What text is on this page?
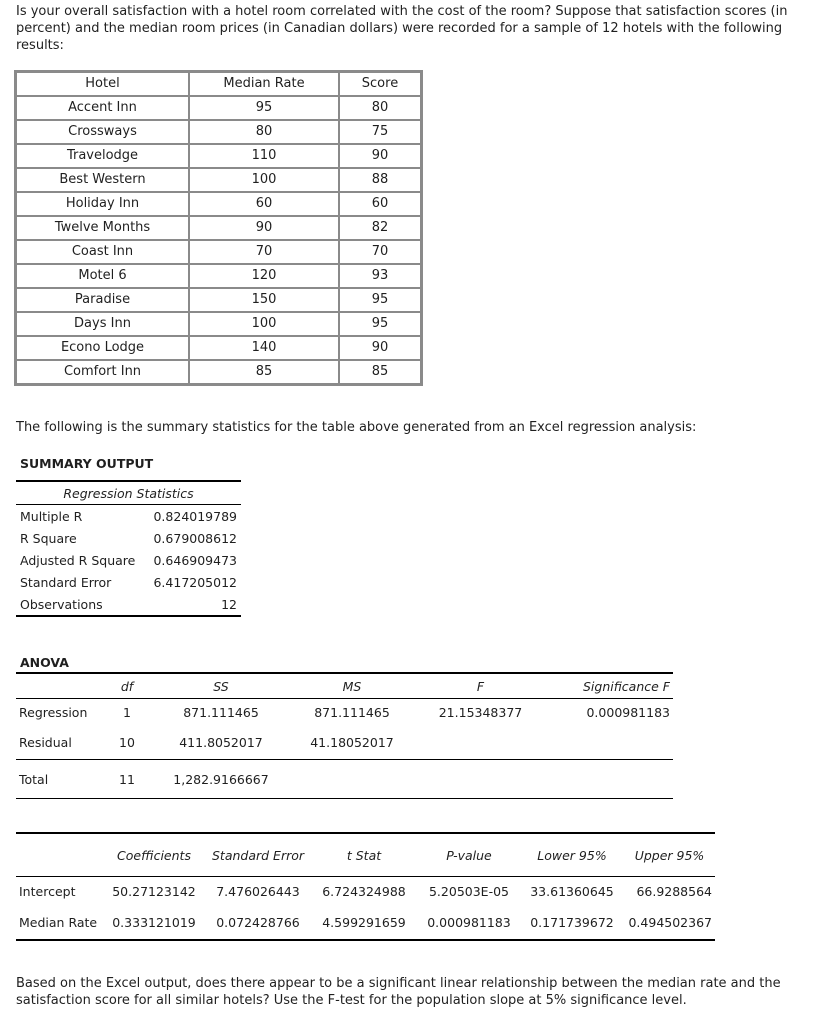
Is your overall satisfaction with a hotel room correlated with the cost of the room? Suppose that satisfaction scores (in percent) and the median room prices (in Canadian dollars) were recorded for a sample of 12 hotels with the following results:

Hotel	Median Rate	Score
Accent Inn	95	80
Crossways	80	75
Travelodge	110	90
Best Western	100	88
Holiday Inn	60	60
Twelve Months	90	82
Coast Inn	70	70
Motel 6	120	93
Paradise	150	95
Days Inn	100	95
Econo Lodge	140	90
Comfort Inn	85	85

The following is the summary statistics for the table above generated from an Excel regression analysis:

SUMMARY OUTPUT
Regression Statistics	
Multiple R	0.824019789
R Square	0.679008612
Adjusted R Square	0.646909473
Standard Error	6.417205012
Observations	12
ANOVA
	df	SS	MS	F	Significance F
Regression	1	871.111465	871.111465	21.15348377	0.000981183
Residual	10	411.8052017	41.18052017		
Total	11	1,282.9166667			
	Coefficients	Standard Error	t Stat	P-value	Lower 95%	Upper 95%
Intercept	50.27123142	7.476026443	6.724324988	5.20503E-05	33.61360645	66.9288564
Median Rate	0.333121019	0.072428766	4.599291659	0.000981183	0.171739672	0.494502367

Based on the Excel output, does there appear to be a significant linear relationship between the median rate and the satisfaction score for all similar hotels? Use the F-test for the population slope at 5% significance level.
